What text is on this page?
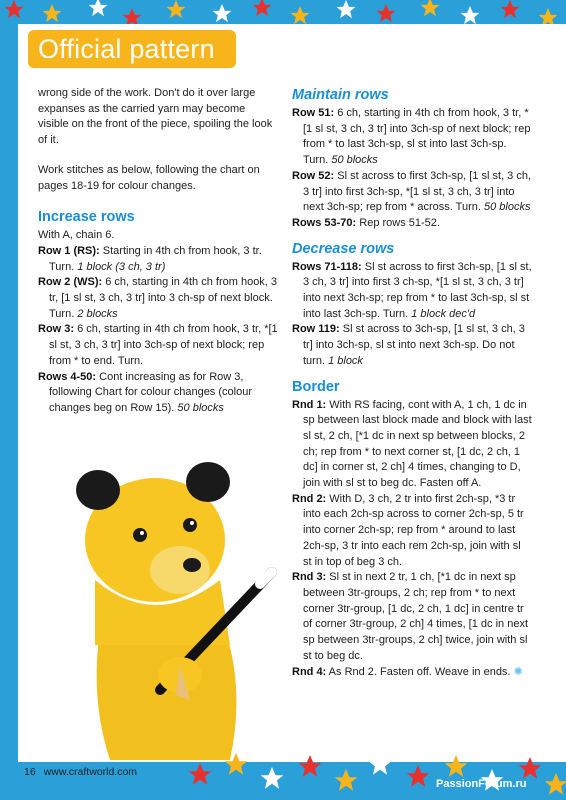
Official pattern

wrong side of the work. Don't do it over large expanses as the carried yarn may become visible on the front of the piece, spoiling the look of it.

Work stitches as below, following the chart on pages 18-19 for colour changes.

Increase rows

With A, chain 6.

Row 1 (RS): Starting in 4th ch from hook, 3 tr. Turn. 1 block (3 ch, 3 tr)

Row 2 (WS): 6 ch, starting in 4th ch from hook, 3 tr, [1 sl st, 3 ch, 3 tr] into 3 ch-sp of next block. Turn. 2 blocks

Row 3: 6 ch, starting in 4th ch from hook, 3 tr, *[1 sl st, 3 ch, 3 tr] into 3ch-sp of next block; rep from * to end. Turn.

Rows 4-50: Cont increasing as for Row 3, following Chart for colour changes (colour changes beg on Row 15). 50 blocks

Maintain rows

Row 51: 6 ch, starting in 4th ch from hook, 3 tr, *[1 sl st, 3 ch, 3 tr] into 3ch-sp of next block; rep from * to last 3ch-sp, sl st into last 3ch-sp. Turn. 50 blocks

Row 52: Sl st across to first 3ch-sp, [1 sl st, 3 ch, 3 tr] into first 3ch-sp, *[1 sl st, 3 ch, 3 tr] into next 3ch-sp; rep from * across. Turn. 50 blocks

Rows 53-70: Rep rows 51-52.

Decrease rows

Rows 71-118: Sl st across to first 3ch-sp, [1 sl st, 3 ch, 3 tr] into first 3 ch-sp, *[1 sl st, 3 ch, 3 tr] into next 3ch-sp; rep from * to last 3ch-sp, sl st into last 3ch-sp. Turn. 1 block dec'd

Row 119: Sl st across to 3ch-sp, [1 sl st, 3 ch, 3 tr] into 3ch-sp, sl st into next 3ch-sp. Do not turn. 1 block

Border

Rnd 1: With RS facing, cont with A, 1 ch, 1 dc in sp between last block made and block with last sl st, 2 ch, [*1 dc in next sp between blocks, 2 ch; rep from * to next corner st, [1 dc, 2 ch, 1 dc] in corner st, 2 ch] 4 times, changing to D, join with sl st to beg dc. Fasten off A.

Rnd 2: With D, 3 ch, 2 tr into first 2ch-sp, *3 tr into each 2ch-sp across to corner 2ch-sp, 5 tr into corner 2ch-sp; rep from * around to last 2ch-sp, 3 tr into each rem 2ch-sp, join with sl st in top of beg 3 ch.

Rnd 3: Sl st in next 2 tr, 1 ch, [*1 dc in next sp between 3tr-groups, 2 ch; rep from * to next corner 3tr-group, [1 dc, 2 ch, 1 dc] in centre tr of corner 3tr-group, 2 ch] 4 times, [1 dc in next sp between 3tr-groups, 2 ch] twice, join with sl st to beg dc.

Rnd 4: As Rnd 2. Fasten off. Weave in ends. ✺

16 www.craftworld.com
PassionForum.ru
